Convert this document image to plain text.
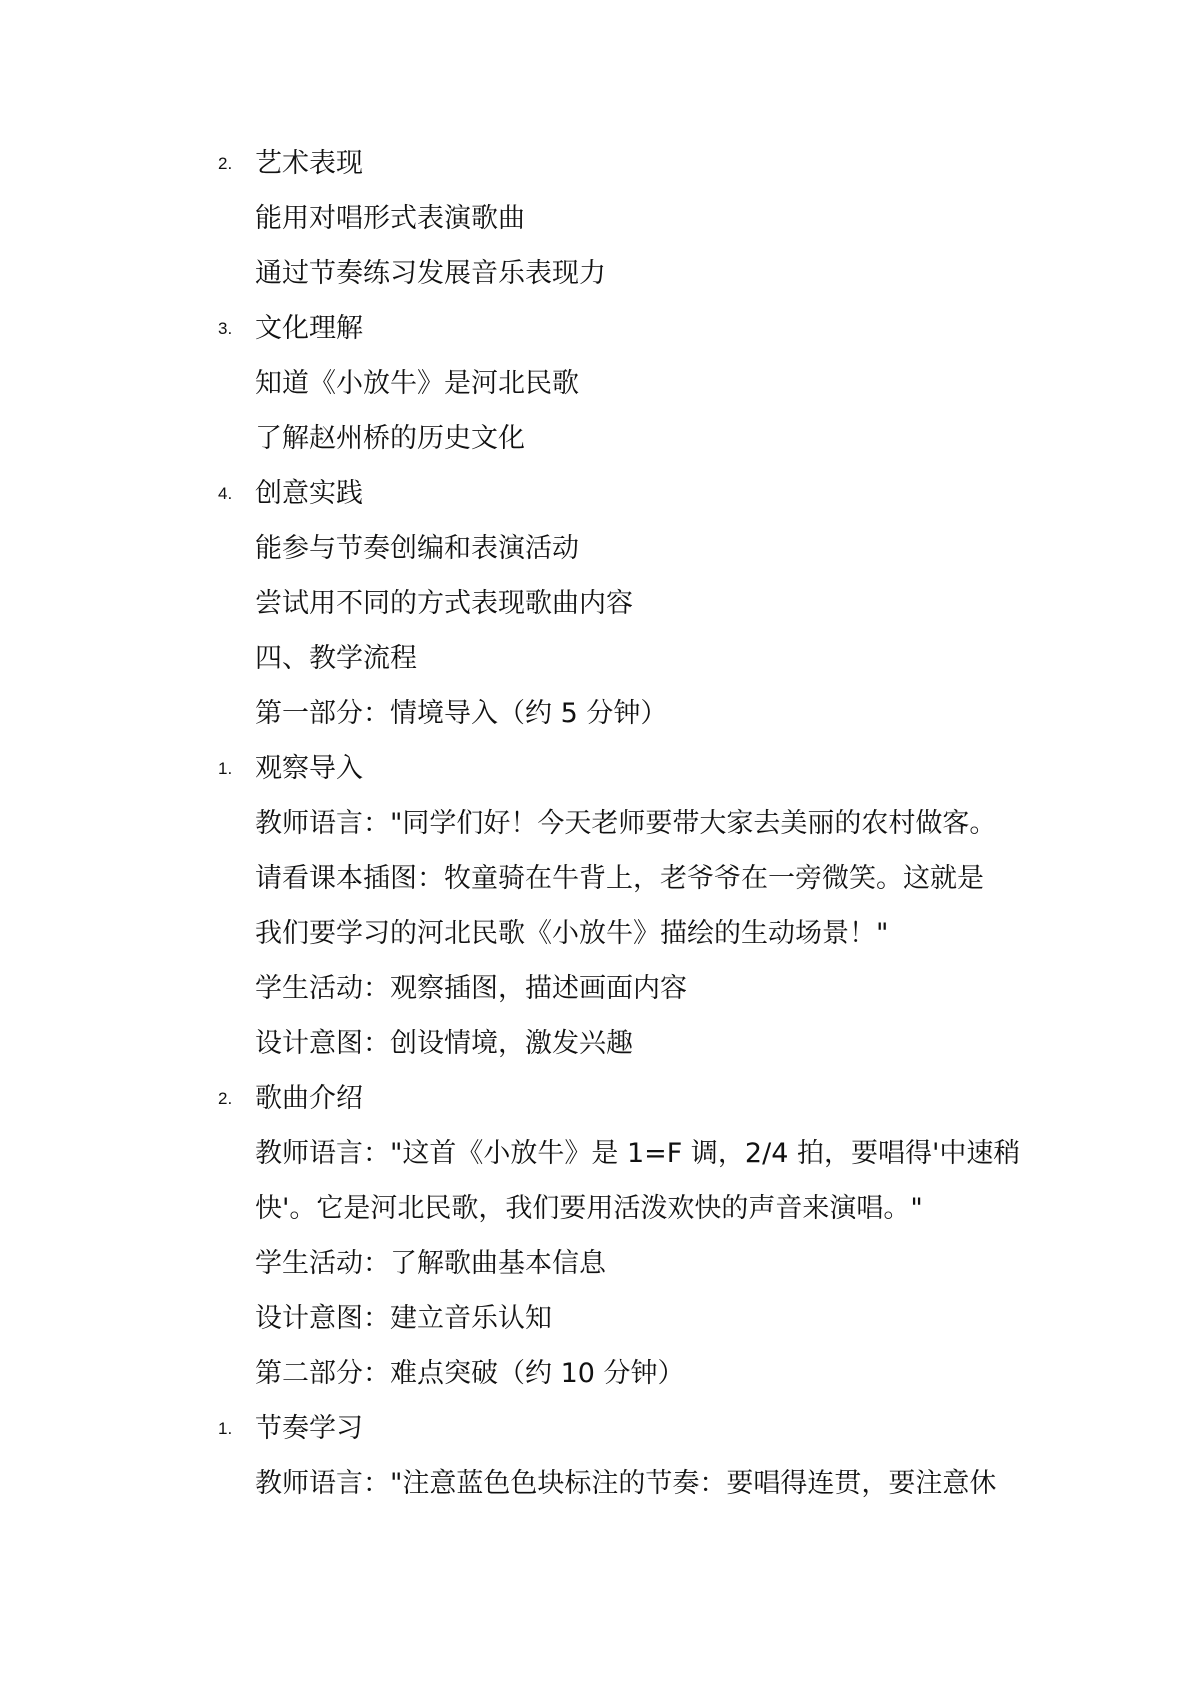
2. 艺术表现
能用对唱形式表演歌曲
通过节奏练习发展音乐表现力
3. 文化理解
知道《小放牛》是河北民歌
了解赵州桥的历史文化
4. 创意实践
能参与节奏创编和表演活动
尝试用不同的方式表现歌曲内容
四、教学流程
第一部分：情境导入（约 5 分钟）
1. 观察导入
教师语言："同学们好！今天老师要带大家去美丽的农村做客。
请看课本插图：牧童骑在牛背上，老爷爷在一旁微笑。这就是
我们要学习的河北民歌《小放牛》描绘的生动场景！"
学生活动：观察插图，描述画面内容
设计意图：创设情境，激发兴趣
2. 歌曲介绍
教师语言："这首《小放牛》是 1=F 调，2/4 拍，要唱得'中速稍
快'。它是河北民歌，我们要用活泼欢快的声音来演唱。"
学生活动：了解歌曲基本信息
设计意图：建立音乐认知
第二部分：难点突破（约 10 分钟）
1. 节奏学习
教师语言："注意蓝色色块标注的节奏：要唱得连贯，要注意休
